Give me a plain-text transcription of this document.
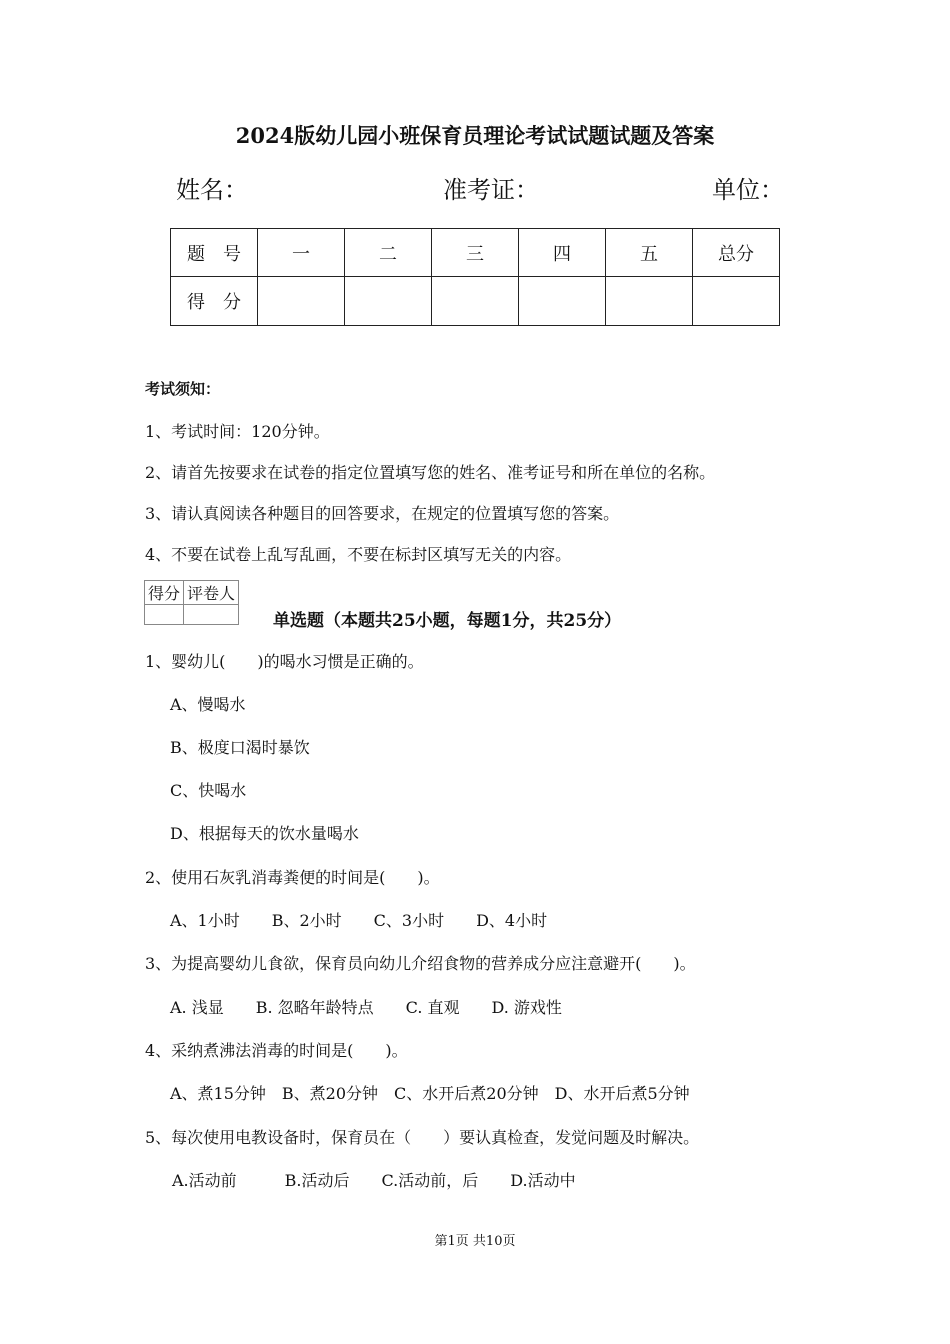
2024版幼儿园小班保育员理论考试试题试题及答案
姓名：	准考证：	单位：
题　号	一	二	三	四	五	总分
得　分						
考试须知：
1、考试时间：120分钟。
2、请首先按要求在试卷的指定位置填写您的姓名、准考证号和所在单位的名称。
3、请认真阅读各种题目的回答要求，在规定的位置填写您的答案。
4、不要在试卷上乱写乱画，不要在标封区填写无关的内容。
得分	评卷人

单选题（本题共25小题，每题1分，共25分）
1、婴幼儿(　　)的喝水习惯是正确的。
A、慢喝水
B、极度口渴时暴饮
C、快喝水
D、根据每天的饮水量喝水
2、使用石灰乳消毒粪便的时间是(　　)。
A、1小时　　B、2小时　　C、3小时　　D、4小时
3、为提高婴幼儿食欲，保育员向幼儿介绍食物的营养成分应注意避开(　　)。
A. 浅显　　B. 忽略年龄特点　　C. 直观　　D. 游戏性
4、采纳煮沸法消毒的时间是(　　)。
A、煮15分钟　B、煮20分钟　C、水开后煮20分钟　D、水开后煮5分钟
5、每次使用电教设备时，保育员在（　　）要认真检查，发觉问题及时解决。
A.活动前　　　B.活动后　　C.活动前，后　　D.活动中
第1页 共10页
